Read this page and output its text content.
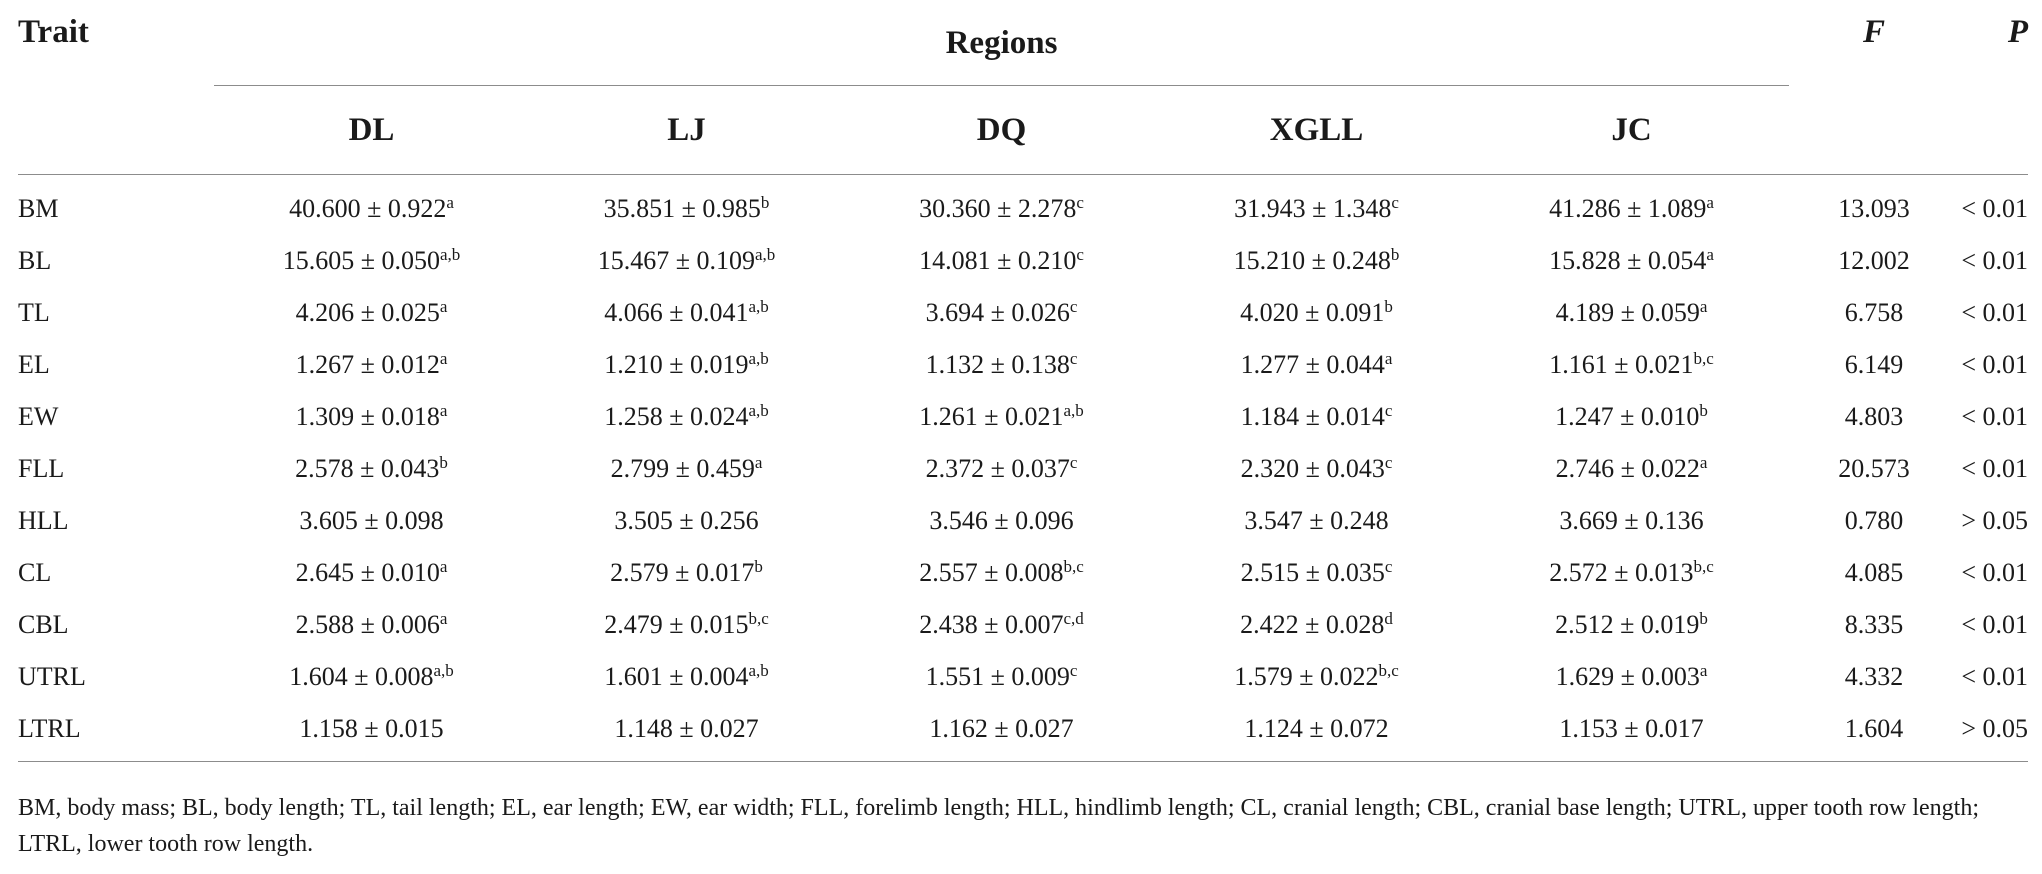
Trait	Regions					F	P
	DL	LJ	DQ	XGLL	JC		
BM	40.600 ± 0.922$^a$	35.851 ± 0.985$^b$	30.360 ± 2.278$^c$	31.943 ± 1.348$^c$	41.286 ± 1.089$^a$	13.093	< 0.01
BL	$15.605 \pm 0.050^{a,b}$	$15.467 \pm 0.109^{a,b}$	14.081 ± 0.210$^c$	15.210 ± 0.248$^b$	15.828 ± 0.054$^a$	12.002	< 0.01
TL	4.206 ± 0.025$^a$	$4.066 \pm 0.041^{a,b}$	3.694 ± 0.026$^c$	4.020 ± 0.091$^b$	4.189 ± 0.059$^a$	6.758	< 0.01
EL	1.267 ± 0.012$^a$	$1.210 \pm 0.019^{a,b}$	1.132 ± 0.138$^c$	1.277 ± 0.044$^a$	$1.161 \pm 0.021^{b,c}$	6.149	< 0.01
EW	1.309 ± 0.018$^a$	$1.258 \pm 0.024^{a,b}$	$1.261 \pm 0.021^{a,b}$	1.184 ± 0.014$^c$	1.247 ± 0.010$^b$	4.803	< 0.01
FLL	2.578 ± 0.043$^b$	2.799 ± 0.459$^a$	2.372 ± 0.037$^c$	2.320 ± 0.043$^c$	2.746 ± 0.022$^a$	20.573	< 0.01
HLL	3.605 ± 0.098	3.505 ± 0.256	3.546 ± 0.096	3.547 ± 0.248	3.669 ± 0.136	0.780	> 0.05
CL	2.645 ± 0.010$^a$	2.579 ± 0.017$^b$	$2.557 \pm 0.008^{b,c}$	2.515 ± 0.035$^c$	$2.572 \pm 0.013^{b,c}$	4.085	< 0.01
CBL	2.588 ± 0.006$^a$	$2.479 \pm 0.015^{b,c}$	$2.438 \pm 0.007^{c,d}$	2.422 ± 0.028$^d$	2.512 ± 0.019$^b$	8.335	< 0.01
UTRL	$1.604 \pm 0.008^{a,b}$	$1.601 \pm 0.004^{a,b}$	1.551 ± 0.009$^c$	$1.579 \pm 0.022^{b,c}$	1.629 ± 0.003$^a$	4.332	< 0.01
LTRL	1.158 ± 0.015	1.148 ± 0.027	1.162 ± 0.027	1.124 ± 0.072	1.153 ± 0.017	1.604	> 0.05
BM, body mass; BL, body length; TL, tail length; EL, ear length; EW, ear width; FLL, forelimb length; HLL, hindlimb length; CL, cranial length; CBL, cranial base length; UTRL, upper tooth row length; LTRL, lower tooth row length.
